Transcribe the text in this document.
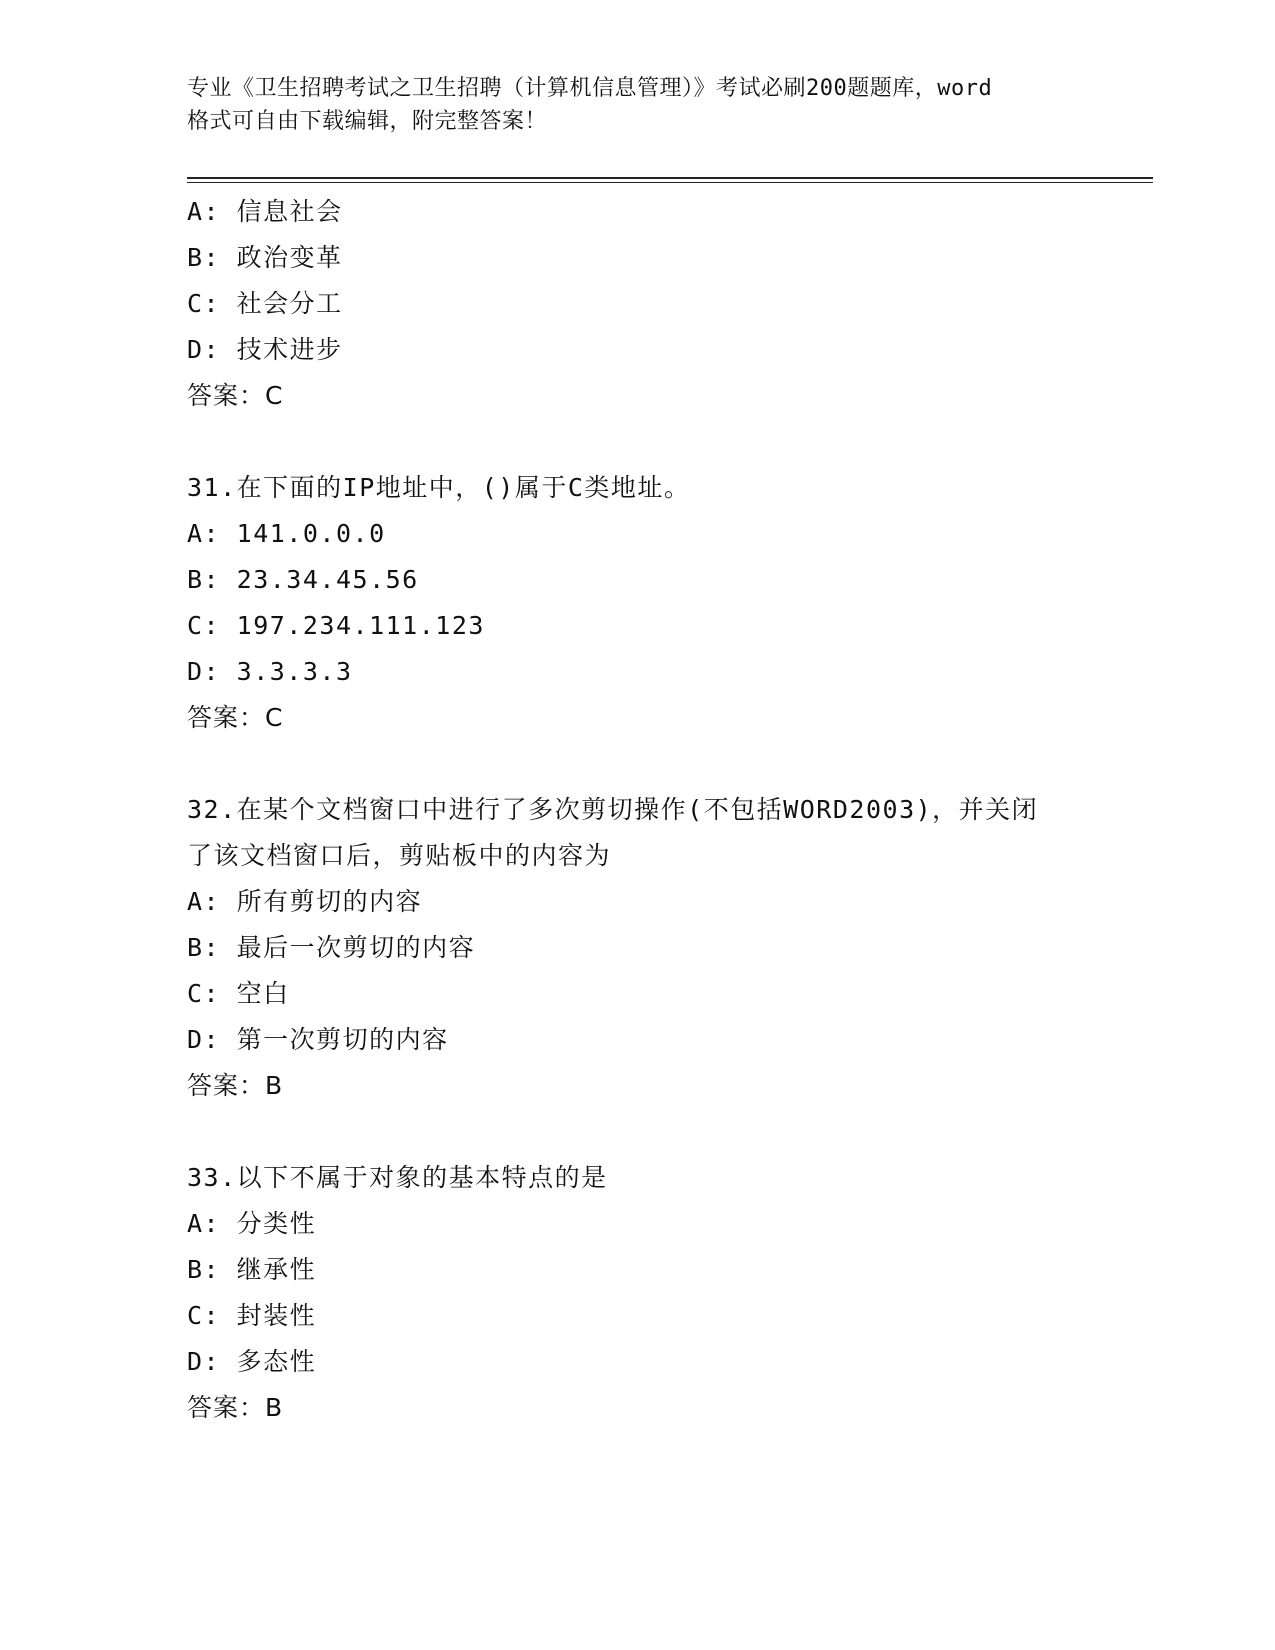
专业《卫生招聘考试之卫生招聘（计算机信息管理）》考试必刷200题题库，word
格式可自由下载编辑，附完整答案！
A: 信息社会
B: 政治变革
C: 社会分工
D: 技术进步
答案：C
31.在下面的IP地址中，()属于C类地址。
A: 141.0.0.0
B: 23.34.45.56
C: 197.234.111.123
D: 3.3.3.3
答案：C
32.在某个文档窗口中进行了多次剪切操作(不包括WORD2003)，并关闭
了该文档窗口后，剪贴板中的内容为
A: 所有剪切的内容
B: 最后一次剪切的内容
C: 空白
D: 第一次剪切的内容
答案：B
33.以下不属于对象的基本特点的是
A: 分类性
B: 继承性
C: 封装性
D: 多态性
答案：B
